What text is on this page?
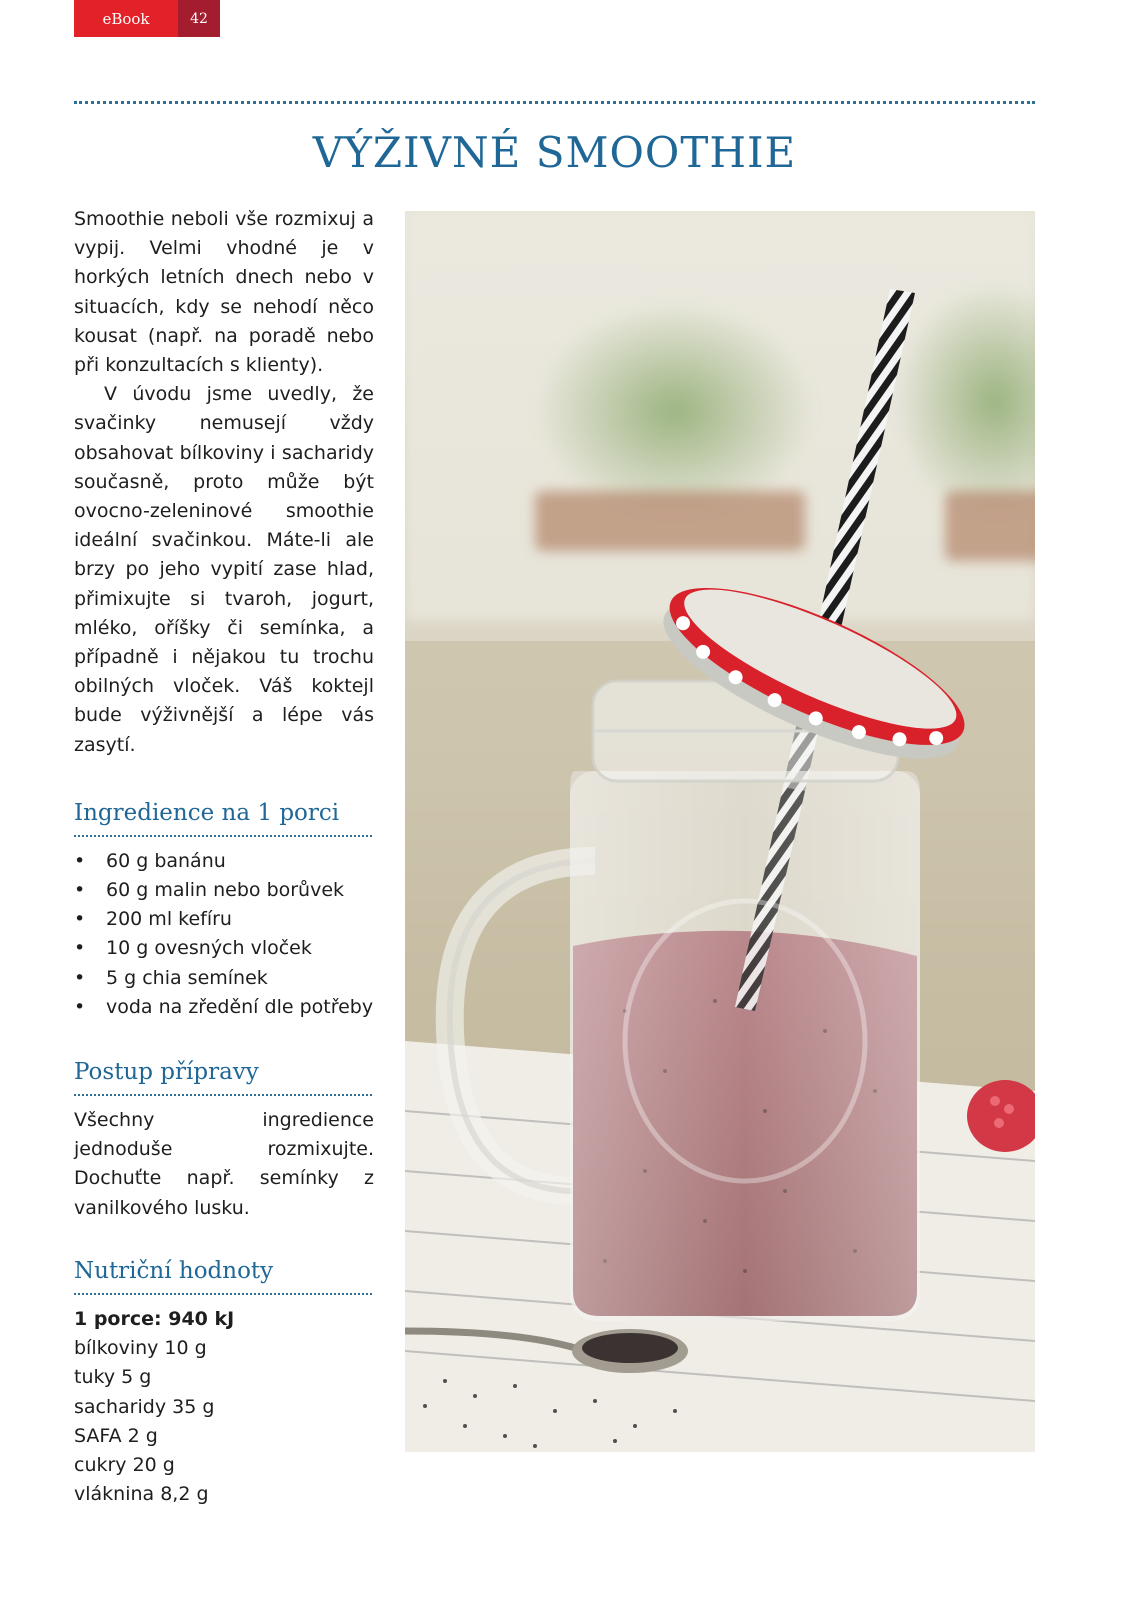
eBook	42
VÝŽIVNÉ SMOOTHIE

Smoothie neboli vše rozmixuj a vypij. Velmi vhodné je v horkých letních dnech nebo v situacích, kdy se nehodí něco kousat (např. na poradě nebo při konzultacích s klienty).

V úvodu jsme uvedly, že svačinky nemusejí vždy obsahovat bílkoviny i sacharidy současně, proto může být ovocno-zeleninové smoothie ideální svačinkou. Máte-li ale brzy po jeho vypití zase hlad, přimixujte si tvaroh, jogurt, mléko, oříšky či semínka, a případně i nějakou tu trochu obilných vloček. Váš koktejl bude výživnější a lépe vás zasytí.

Ingredience na 1 porci
•	60 g banánu
•	60 g malin nebo borůvek
•	200 ml kefíru
•	10 g ovesných vloček
•	5 g chia semínek
•	voda na zředění dle potřeby
Postup přípravy

Všechny ingredience jednoduše rozmixujte. Dochuťte např. semínky z vanilkového lusku.

Nutriční hodnoty
1 porce: 940 kJ
bílkoviny 10 g
tuky 5 g
sacharidy 35 g
SAFA 2 g
cukry 20 g
vláknina 8,2 g
